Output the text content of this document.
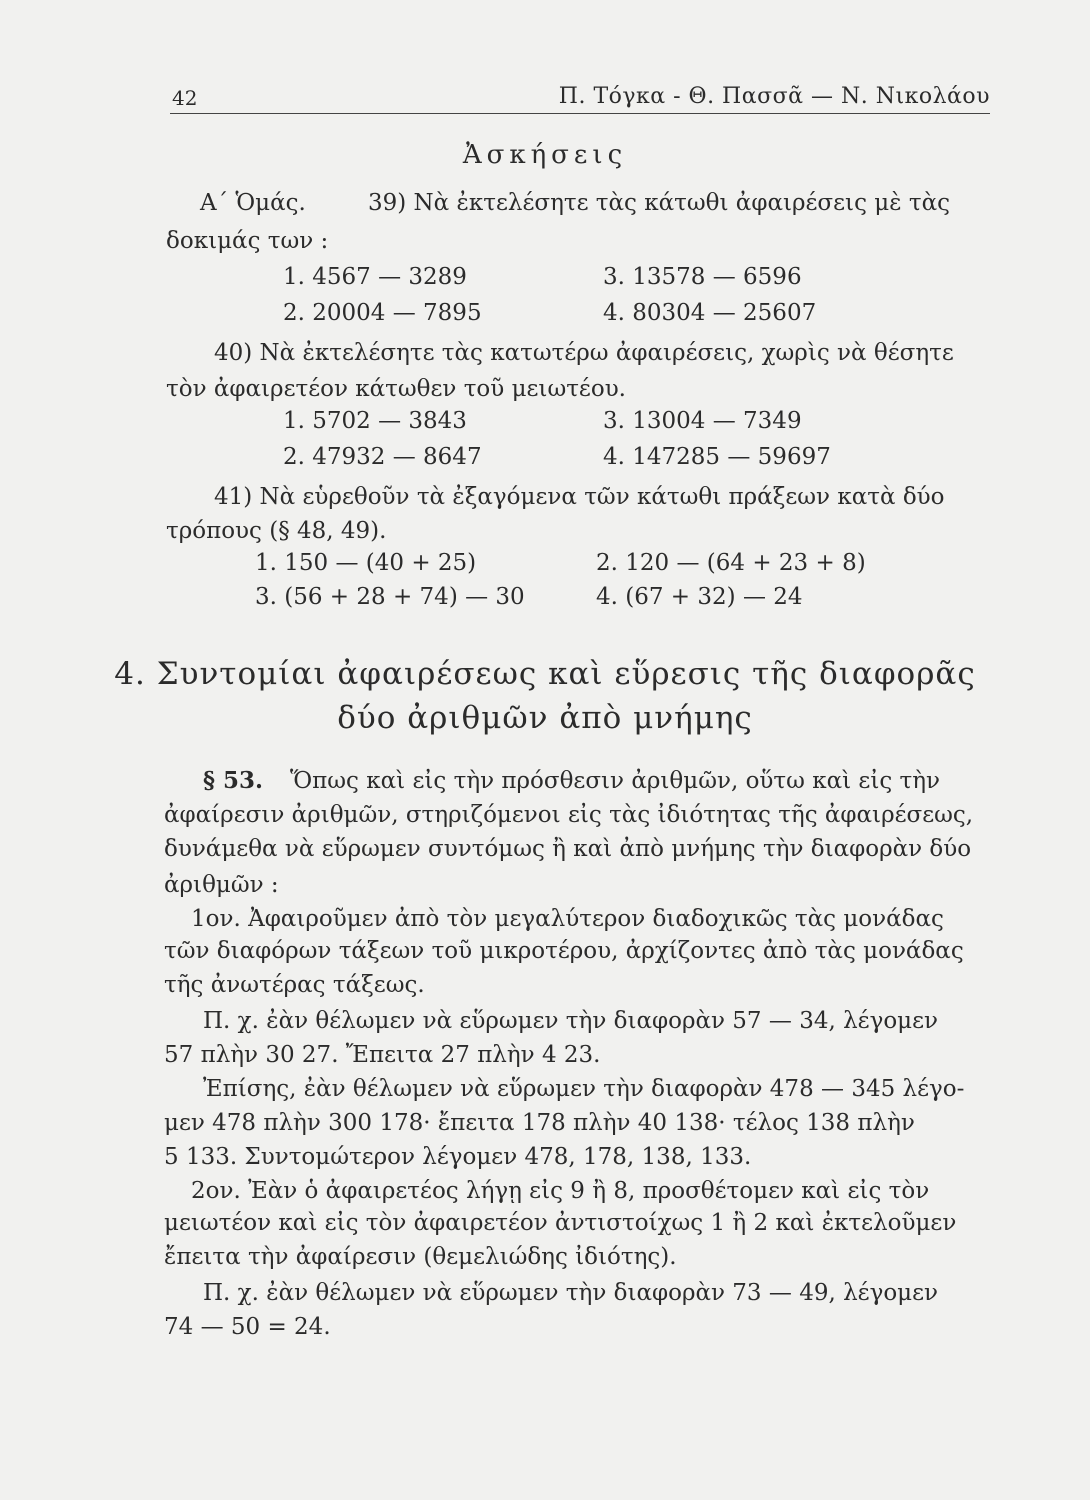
42	Π. Τόγκα - Θ. Πασσᾶ — Ν. Νικολάου
Ἀσκήσεις
Α΄ Ὁμάς.	39) Νὰ ἐκτελέσητε τὰς κάτωθι ἀφαιρέσεις μὲ τὰς
δοκιμάς των :
1. 4567 — 3289
2. 20004 — 7895
3. 13578 — 6596
4. 80304 — 25607
40) Νὰ ἐκτελέσητε τὰς κατωτέρω ἀφαιρέσεις, χωρὶς νὰ θέσητε
τὸν ἀφαιρετέον κάτωθεν τοῦ μειωτέου.
1. 5702 — 3843
2. 47932 — 8647
3. 13004 — 7349
4. 147285 — 59697
41) Νὰ εὑρεθοῦν τὰ ἐξαγόμενα τῶν κάτωθι πράξεων κατὰ δύο
τρόπους (§ 48, 49).
1. 150 — (40 + 25)
3. (56 + 28 + 74) — 30
2. 120 — (64 + 23 + 8)
4. (67 + 32) — 24
4. Συντομίαι ἀφαιρέσεως καὶ εὕρεσις τῆς διαφορᾶς
δύο ἀριθμῶν ἀπὸ μνήμης
§ 53. Ὅπως καὶ εἰς τὴν πρόσθεσιν ἀριθμῶν, οὕτω καὶ εἰς τὴν
ἀφαίρεσιν ἀριθμῶν, στηριζόμενοι εἰς τὰς ἰδιότητας τῆς ἀφαιρέσεως,
δυνάμεθα νὰ εὕρωμεν συντόμως ἢ καὶ ἀπὸ μνήμης τὴν διαφορὰν δύο
ἀριθμῶν :
1ον. Ἀφαιροῦμεν ἀπὸ τὸν μεγαλύτερον διαδοχικῶς τὰς μονάδας
τῶν διαφόρων τάξεων τοῦ μικροτέρου, ἀρχίζοντες ἀπὸ τὰς μονάδας
τῆς ἀνωτέρας τάξεως.
Π. χ. ἐὰν θέλωμεν νὰ εὕρωμεν τὴν διαφορὰν 57 — 34, λέγομεν
57 πλὴν 30 27. Ἔπειτα 27 πλὴν 4 23.
Ἐπίσης, ἐὰν θέλωμεν νὰ εὕρωμεν τὴν διαφορὰν 478 — 345 λέγο-
μεν 478 πλὴν 300 178· ἔπειτα 178 πλὴν 40 138· τέλος 138 πλὴν
5 133. Συντομώτερον λέγομεν 478, 178, 138, 133.
2ον. Ἐὰν ὁ ἀφαιρετέος λήγῃ εἰς 9 ἢ 8, προσθέτομεν καὶ εἰς τὸν
μειωτέον καὶ εἰς τὸν ἀφαιρετέον ἀντιστοίχως 1 ἢ 2 καὶ ἐκτελοῦμεν
ἔπειτα τὴν ἀφαίρεσιν (θεμελιώδης ἰδιότης).
Π. χ. ἐὰν θέλωμεν νὰ εὕρωμεν τὴν διαφορὰν 73 — 49, λέγομεν
74 — 50 = 24.
